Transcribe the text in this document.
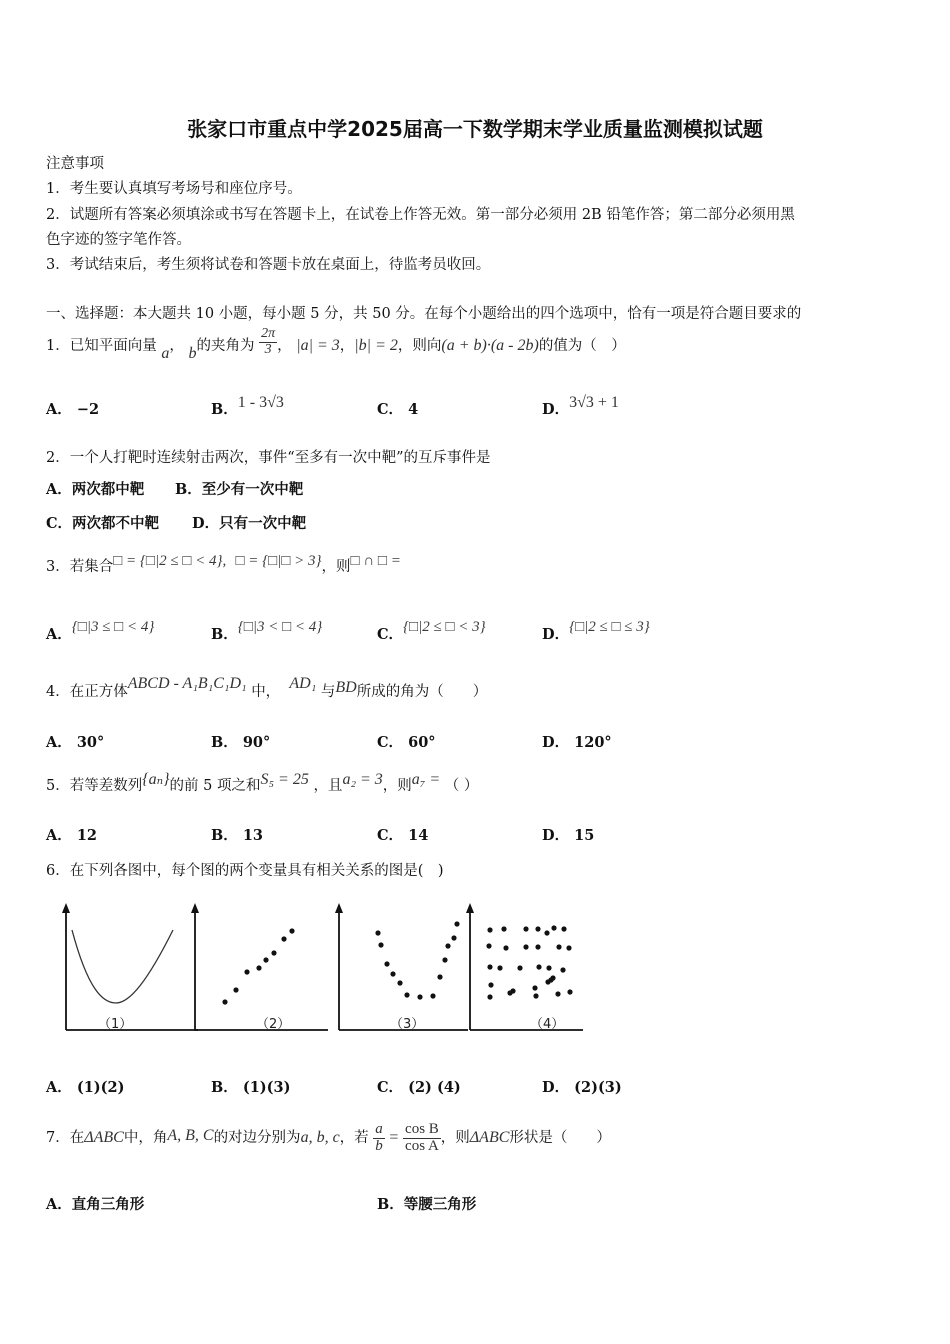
张家口市重点中学2025届高一下数学期末学业质量监测模拟试题
注意事项
1．考生要认真填写考场号和座位序号。
2．试题所有答案必须填涂或书写在答题卡上，在试卷上作答无效。第一部分必须用 2B 铅笔作答；第二部分必须用黑
色字迹的签字笔作答。
3．考试结束后，考生须将试卷和答题卡放在桌面上，待监考员收回。
一、选择题：本大题共 10 小题，每小题 5 分，共 50 分。在每个小题给出的四个选项中，恰有一项是符合题目要求的
1．已知平面向量 a， b的夹角为 $\frac{2\pi}{3}$ ， |a| = 3，|b| = 2，则向(a + b)·(a - 2b)的值为（　）
A． −2	B．1 - 3√3	C． 4	D．3√3 + 1
2．一个人打靶时连续射击两次，事件“至多有一次中靶”的互斥事件是
A．两次都中靶 B．至少有一次中靶
C．两次都不中靶 D．只有一次中靶
3．若集合□ = {□|2 ≤ □ < 4}, □ = {□|□ > 3}，则□ ∩ □ =
A．{□|3 ≤ □ < 4}	B．{□|3 < □ < 4}	C．{□|2 ≤ □ < 3}	D．{□|2 ≤ □ ≤ 3}
4．在正方体ABCD - A₁B₁C₁D₁ 中， AD₁ 与BD所成的角为（　　）
A． 30°	B． 90°	C． 60°	D． 120°
5．若等差数列{aₙ}的前 5 项之和S₅ = 25 ，且a₂ = 3，则a₇ = （ ）
A． 12	B． 13	C． 14	D． 15
6．在下列各图中，每个图的两个变量具有相关关系的图是(　)
（1）	（2）	（3）	（4）
A． (1)(2)	B． (1)(3)	C． (2) (4)	D． (2)(3)
7．在ΔABC中，角A, B, C的对边分别为a, b, c，若 $\frac{a}{b} = \frac{\text{cos B}}{\text{cos A}}$ ，则ΔABC形状是（　　）
A．直角三角形	B．等腰三角形
